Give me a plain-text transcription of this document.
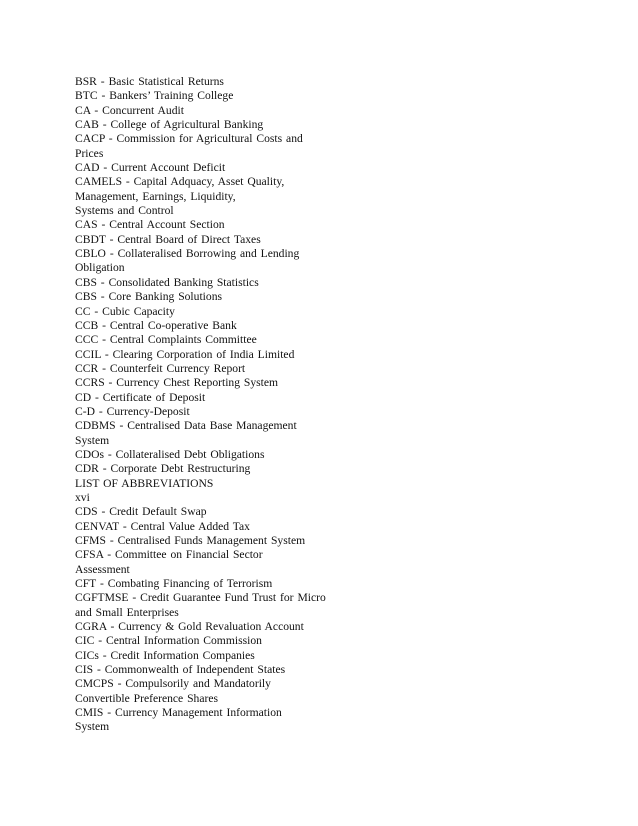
BSR - Basic Statistical Returns
BTC - Bankers’ Training College
CA - Concurrent Audit
CAB - College of Agricultural Banking
CACP - Commission for Agricultural Costs and
Prices
CAD - Current Account Deficit
CAMELS - Capital Adquacy, Asset Quality,
Management, Earnings, Liquidity,
Systems and Control
CAS - Central Account Section
CBDT - Central Board of Direct Taxes
CBLO - Collateralised Borrowing and Lending
Obligation
CBS - Consolidated Banking Statistics
CBS - Core Banking Solutions
CC - Cubic Capacity
CCB - Central Co-operative Bank
CCC - Central Complaints Committee
CCIL - Clearing Corporation of India Limited
CCR - Counterfeit Currency Report
CCRS - Currency Chest Reporting System
CD - Certificate of Deposit
C-D - Currency-Deposit
CDBMS - Centralised Data Base Management
System
CDOs - Collateralised Debt Obligations
CDR - Corporate Debt Restructuring
LIST OF ABBREVIATIONS
xvi
CDS - Credit Default Swap
CENVAT - Central Value Added Tax
CFMS - Centralised Funds Management System
CFSA - Committee on Financial Sector
Assessment
CFT - Combating Financing of Terrorism
CGFTMSE - Credit Guarantee Fund Trust for Micro
and Small Enterprises
CGRA - Currency & Gold Revaluation Account
CIC - Central Information Commission
CICs - Credit Information Companies
CIS - Commonwealth of Independent States
CMCPS - Compulsorily and Mandatorily
Convertible Preference Shares
CMIS - Currency Management Information
System
